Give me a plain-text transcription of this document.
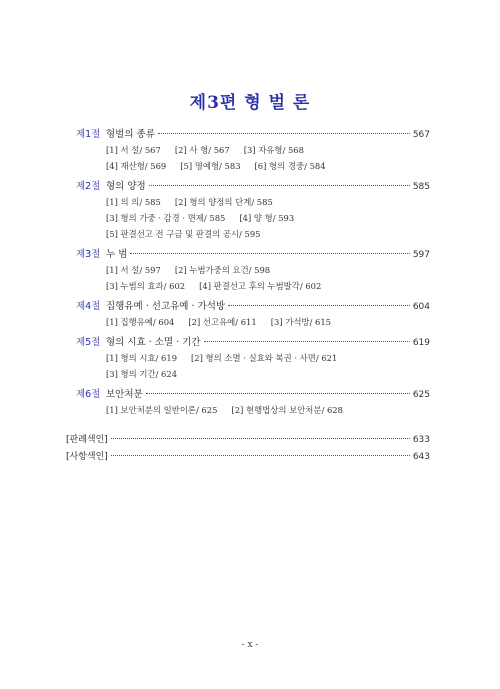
제3편 형 벌 론
제1절 형벌의 종류	567
[1] 서 설/ 567 [2] 사 형/ 567 [3] 자유형/ 568
[4] 재산형/ 569 [5] 명예형/ 583 [6] 형의 경중/ 584
제2절 형의 양정	585
[1] 의 의/ 585 [2] 형의 양정의 단계/ 585
[3] 형의 가중 · 감경 · 면제/ 585 [4] 양 형/ 593
[5] 판결선고 전 구금 및 판결의 공시/ 595
제3절 누 범	597
[1] 서 설/ 597 [2] 누범가중의 요건/ 598
[3] 누범의 효과/ 602 [4] 판결선고 후의 누범발각/ 602
제4절 집행유예 · 선고유예 · 가석방	604
[1] 집행유예/ 604 [2] 선고유예/ 611 [3] 가석방/ 615
제5절 형의 시효 · 소멸 · 기간	619
[1] 형의 시효/ 619 [2] 형의 소멸 · 실효와 복권 · 사면/ 621
[3] 형의 기간/ 624
제6절 보안처분	625
[1] 보안처분의 일반이론/ 625 [2] 현행법상의 보안처분/ 628
[판례색인]	633
[사항색인]	643
- x -
